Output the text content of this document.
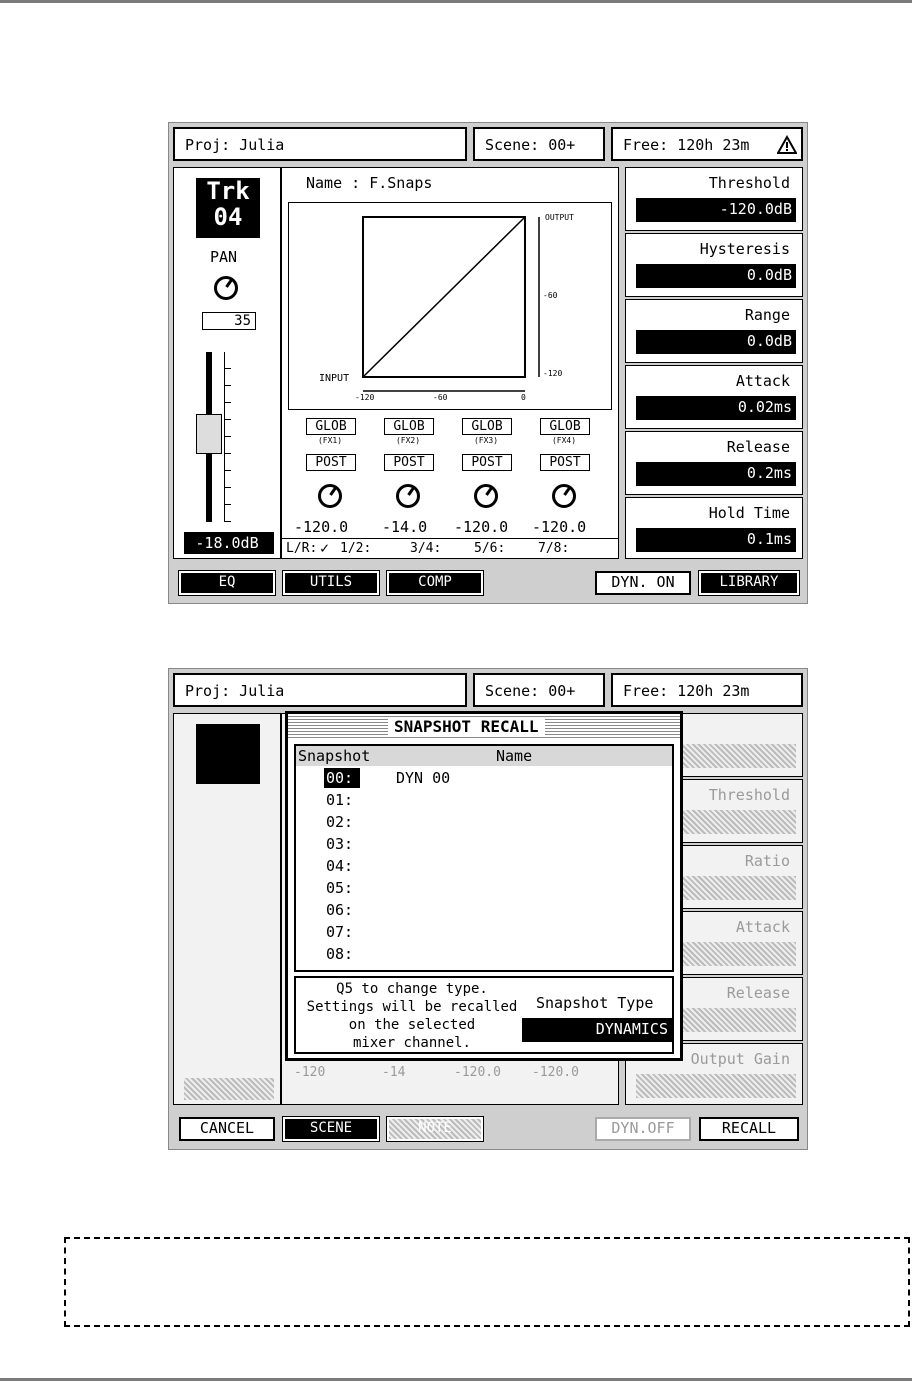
Proj: Julia	Scene: 00+	Free: 120h 23m
Trk
04
PAN
35
-18.0dB
Name : F.Snaps
OUTPUT
-60
-120
INPUT
-120	-60	0
GLOB
(FX1)
POST
-120.0
GLOB
(FX2)
POST
-14.0
GLOB
(FX3)
POST
-120.0
GLOB
(FX4)
POST
-120.0
L/R: ✓ 1/2:	3/4:	5/6:	7/8:
Threshold
-120.0dB
Hysteresis
0.0dB
Range
0.0dB
Attack
0.02ms
Release
0.2ms
Hold Time
0.1ms
EQ	UTILS	COMP	DYN. ON	LIBRARY
Proj: Julia	Scene: 00+	Free: 120h 23m
-120	-14	-120.0 -120.0
Threshold
Ratio
Attack
Release
Output Gain
SNAPSHOT RECALL
Snapshot	Name
00:	DYN 00
01:
02:
03:
04:
05:
06:
07:
08:
Q5 to change type.
Settings will be recalled
on the selected
mixer channel.
Snapshot Type
DYNAMICS
CANCEL	SCENE	NOTE	DYN.OFF	RECALL
